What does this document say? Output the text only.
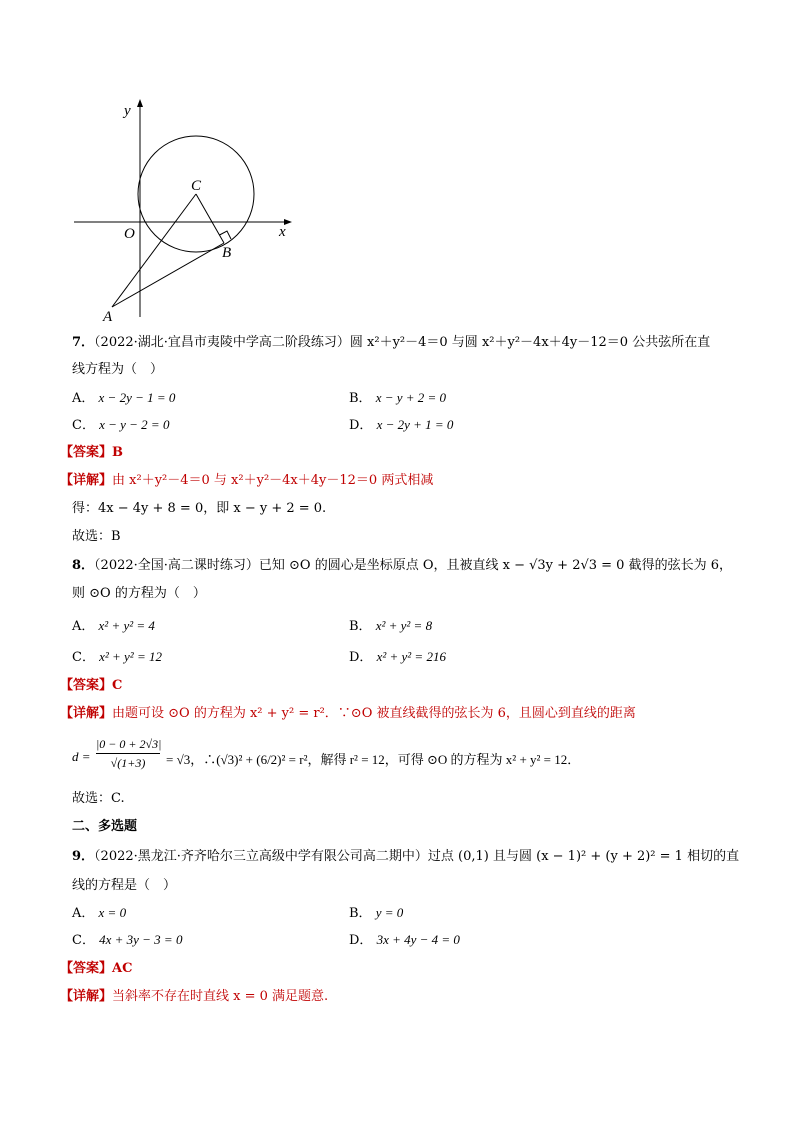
y
x
O
C
B
A
7．（2022·湖北·宜昌市夷陵中学高二阶段练习）圆 x²＋y²－4＝0 与圆 x²＋y²－4x＋4y－12＝0 公共弦所在直
线方程为（　）
A． x − 2y − 1 = 0	B． x − y + 2 = 0
C． x − y − 2 = 0	D． x − 2y + 1 = 0
【答案】B
【详解】由 x²＋y²－4＝0 与 x²＋y²－4x＋4y－12＝0 两式相减
得：4x − 4y + 8 = 0，即 x − y + 2 = 0.
故选：B
8．（2022·全国·高二课时练习）已知 ⊙O 的圆心是坐标原点 O，且被直线 x − √3y + 2√3 = 0 截得的弦长为 6，
则 ⊙O 的方程为（　）
A． x² + y² = 4	B． x² + y² = 8
C． x² + y² = 12	D． x² + y² = 216
【答案】C
【详解】由题可设 ⊙O 的方程为 x² + y² = r²．∵⊙O 被直线截得的弦长为 6，且圆心到直线的距离
d =
|0 − 0 + 2√3|
√(1+3)	= √3，∴(√3)² + (6/2)² = r²，解得 r² = 12，可得 ⊙O 的方程为 x² + y² = 12．
故选：C.
二、多选题
9．（2022·黑龙江·齐齐哈尔三立高级中学有限公司高二期中）过点 (0,1) 且与圆 (x − 1)² + (y + 2)² = 1 相切的直
线的方程是（　）
A． x = 0	B． y = 0
C． 4x + 3y − 3 = 0	D． 3x + 4y − 4 = 0
【答案】AC
【详解】当斜率不存在时直线 x = 0 满足题意.
